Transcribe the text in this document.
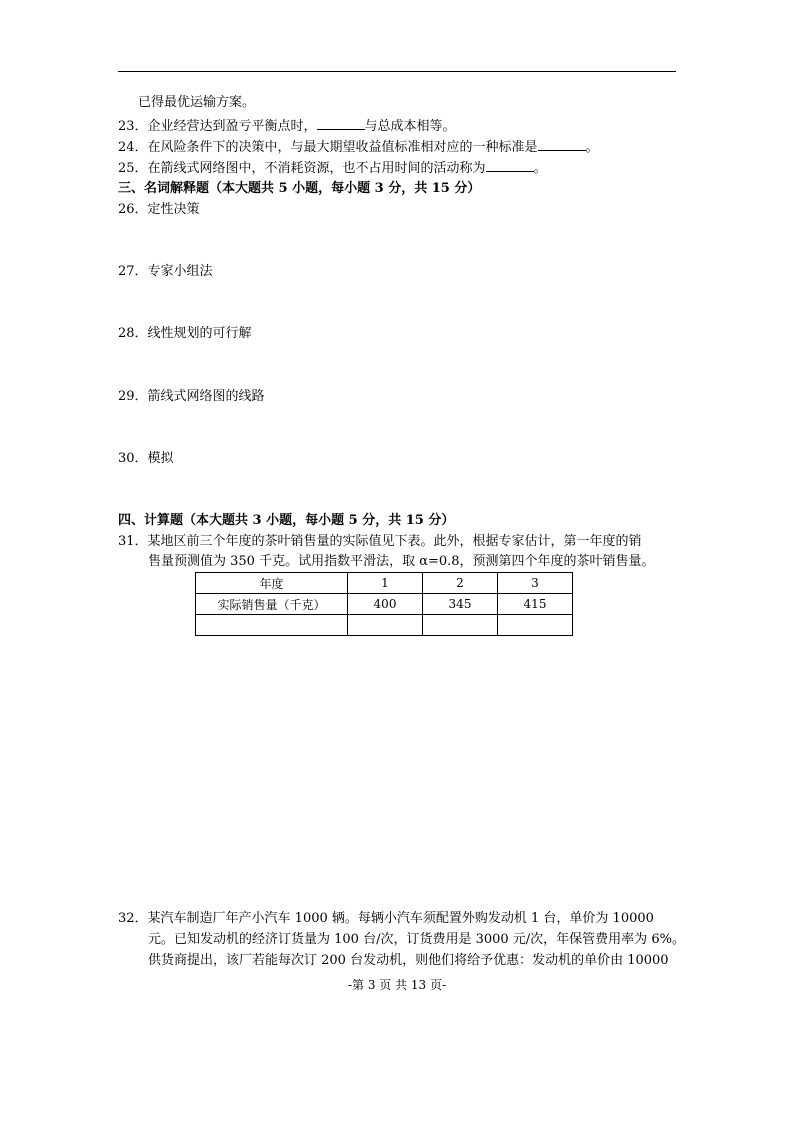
已得最优运输方案。
23．企业经营达到盈亏平衡点时，	与总成本相等。
24．在风险条件下的决策中，与最大期望收益值标准相对应的一种标准是	。
25．在箭线式网络图中，不消耗资源，也不占用时间的活动称为	。
三、名词解释题（本大题共 5 小题，每小题 3 分，共 15 分）
26．定性决策
27．专家小组法
28．线性规划的可行解
29．箭线式网络图的线路
30．模拟
四、计算题（本大题共 3 小题，每小题 5 分，共 15 分）
31．某地区前三个年度的茶叶销售量的实际值见下表。此外，根据专家估计，第一年度的销
售量预测值为 350 千克。试用指数平滑法，取 α=0.8，预测第四个年度的茶叶销售量。
年度	1	2	3
实际销售量（千克）	400	345	415

32．某汽车制造厂年产小汽车 1000 辆。每辆小汽车须配置外购发动机 1 台，单价为 10000
元。已知发动机的经济订货量为 100 台/次，订货费用是 3000 元/次，年保管费用率为 6%。
供货商提出，该厂若能每次订 200 台发动机，则他们将给予优惠：发动机的单价由 10000
-第 3 页 共 13 页-
